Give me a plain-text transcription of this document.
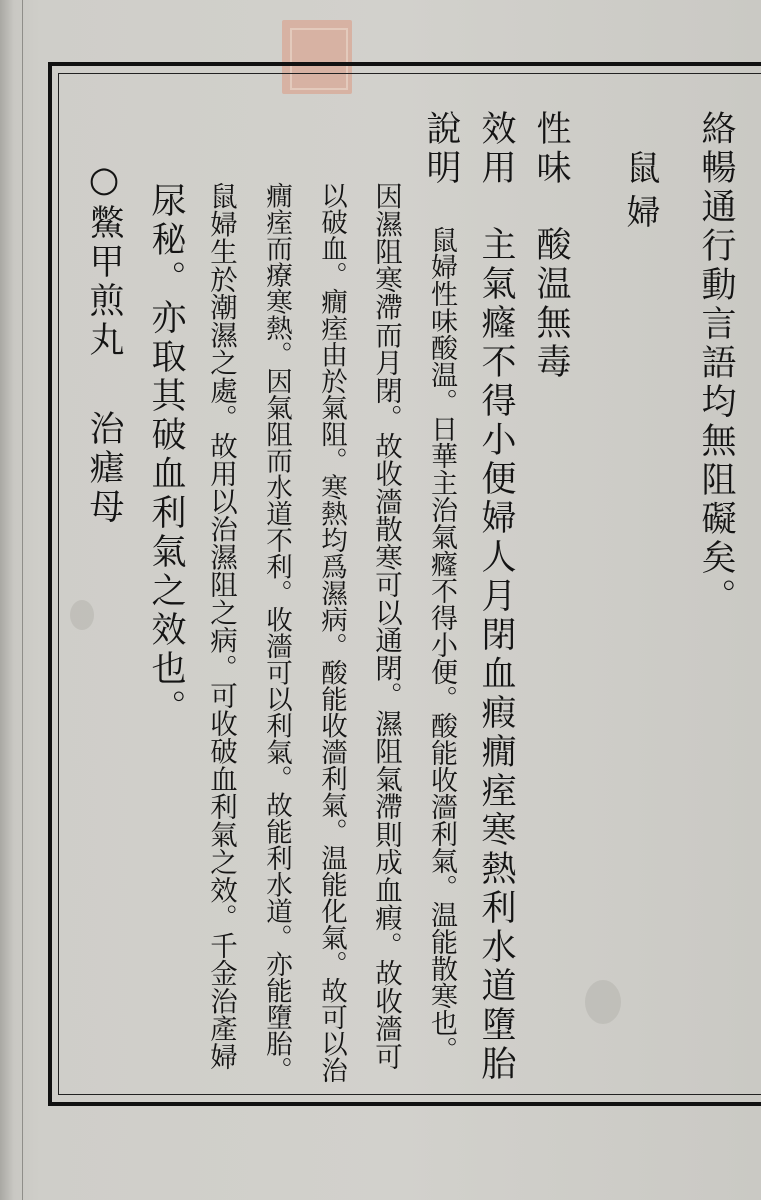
絡暢通行動言語均無阻礙矣。
鼠婦
性味
酸温無毒
效用
主氣癃不得小便婦人月閉血瘕癇痓寒熱利水道墮胎
說明
鼠婦性味酸温。日華主治氣癃不得小便。酸能收濇利氣。温能散寒也。
因濕阻寒滯而月閉。故收濇散寒可以通閉。濕阻氣滯則成血瘕。故收濇可
以破血。癇痓由於氣阻。寒熱均爲濕病。酸能收濇利氣。温能化氣。故可以治
癇痓而療寒熱。因氣阻而水道不利。收濇可以利氣。故能利水道。亦能墮胎。
鼠婦生於潮濕之處。故用以治濕阻之病。可收破血利氣之效。千金治產婦
尿秘。亦取其破血利氣之效也。
○鱉甲煎丸
治瘧母
